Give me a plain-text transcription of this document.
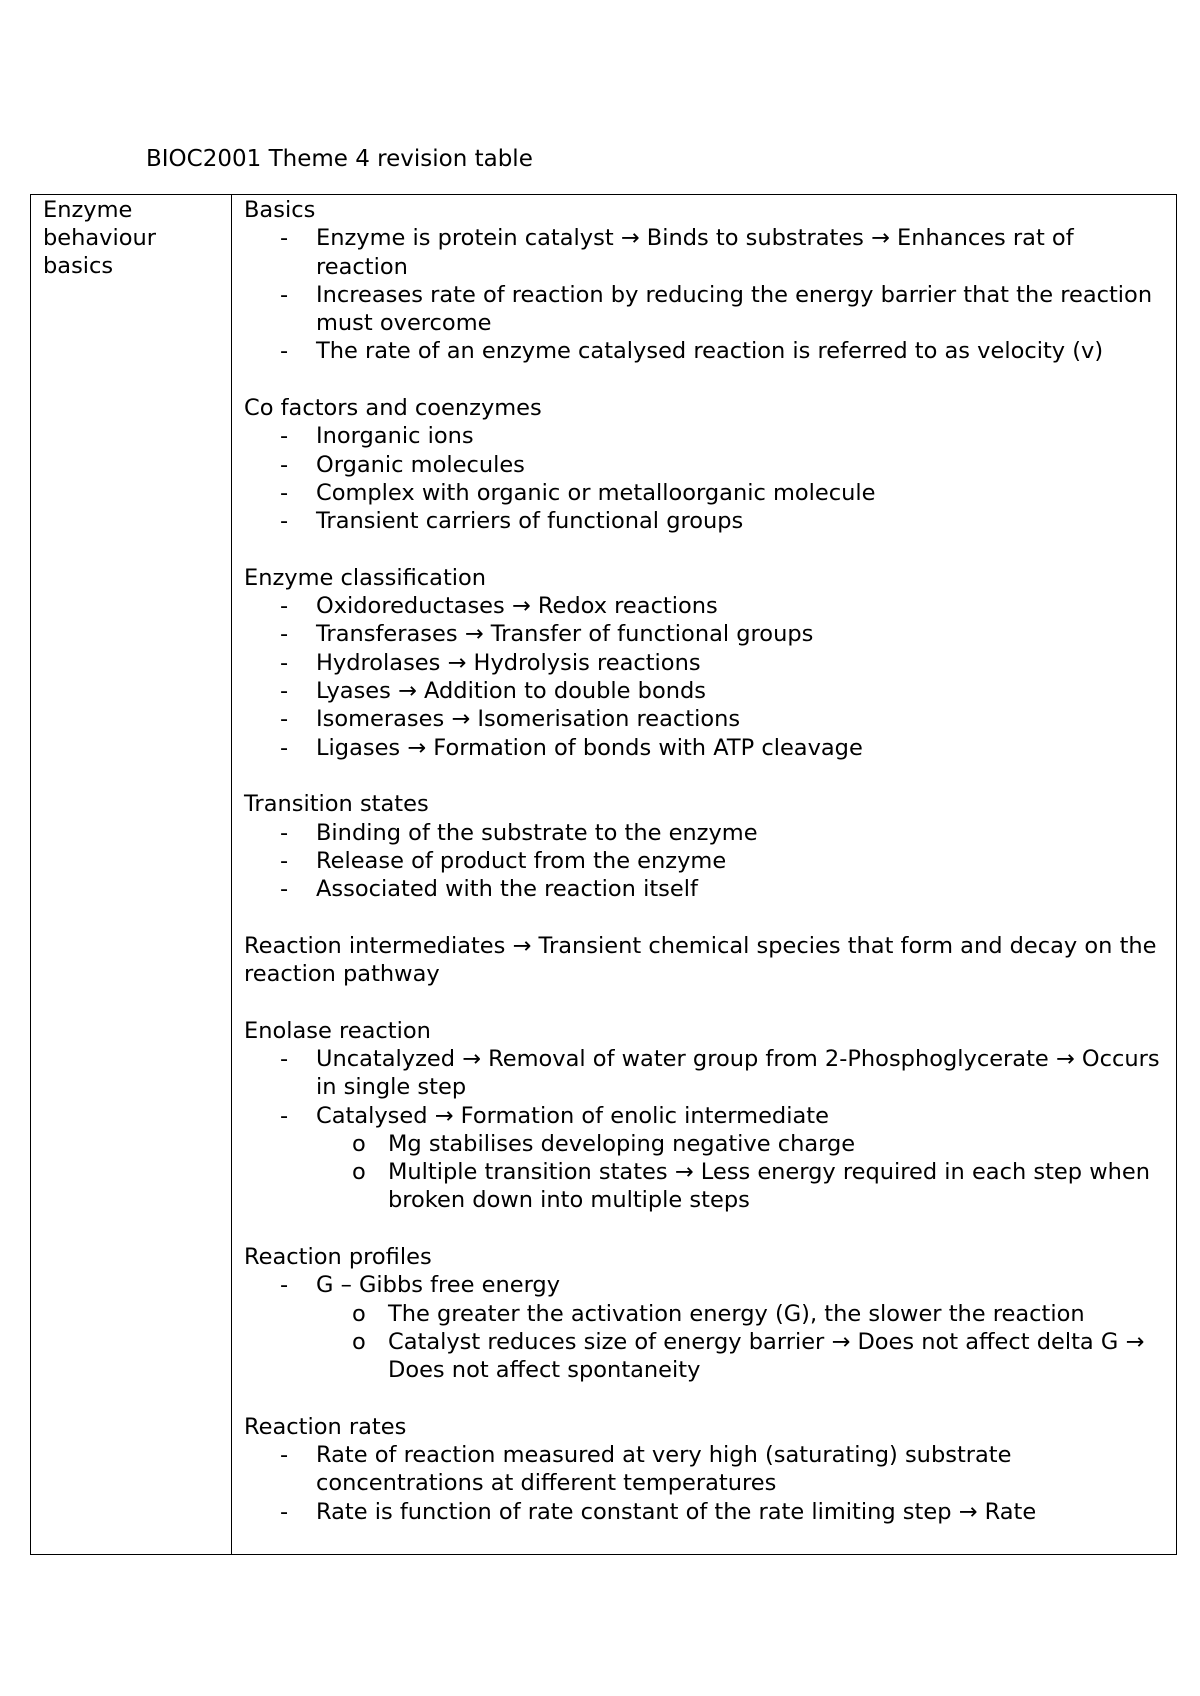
BIOC2001 Theme 4 revision table
Enzyme behaviour basics

Basics

- Enzyme is protein catalyst → Binds to substrates → Enhances rat of reaction
- Increases rate of reaction by reducing the energy barrier that the reaction must overcome
- The rate of an enzyme catalysed reaction is referred to as velocity (v)

Co factors and coenzymes

- Inorganic ions
- Organic molecules
- Complex with organic or metalloorganic molecule
- Transient carriers of functional groups

Enzyme classification

- Oxidoreductases → Redox reactions
- Transferases → Transfer of functional groups
- Hydrolases → Hydrolysis reactions
- Lyases → Addition to double bonds
- Isomerases → Isomerisation reactions
- Ligases → Formation of bonds with ATP cleavage

Transition states

- Binding of the substrate to the enzyme
- Release of product from the enzyme
- Associated with the reaction itself

Reaction intermediates → Transient chemical species that form and decay on the reaction pathway

Enolase reaction

- Uncatalyzed → Removal of water group from 2-Phosphoglycerate → Occurs in single step
- Catalysed → Formation of enolic intermediate
o Mg stabilises developing negative charge
o Multiple transition states → Less energy required in each step when broken down into multiple steps

Reaction profiles

- G – Gibbs free energy
o The greater the activation energy (G), the slower the reaction
o Catalyst reduces size of energy barrier → Does not affect delta G → Does not affect spontaneity

Reaction rates

- Rate of reaction measured at very high (saturating) substrate concentrations at different temperatures
- Rate is function of rate constant of the rate limiting step → Rate
